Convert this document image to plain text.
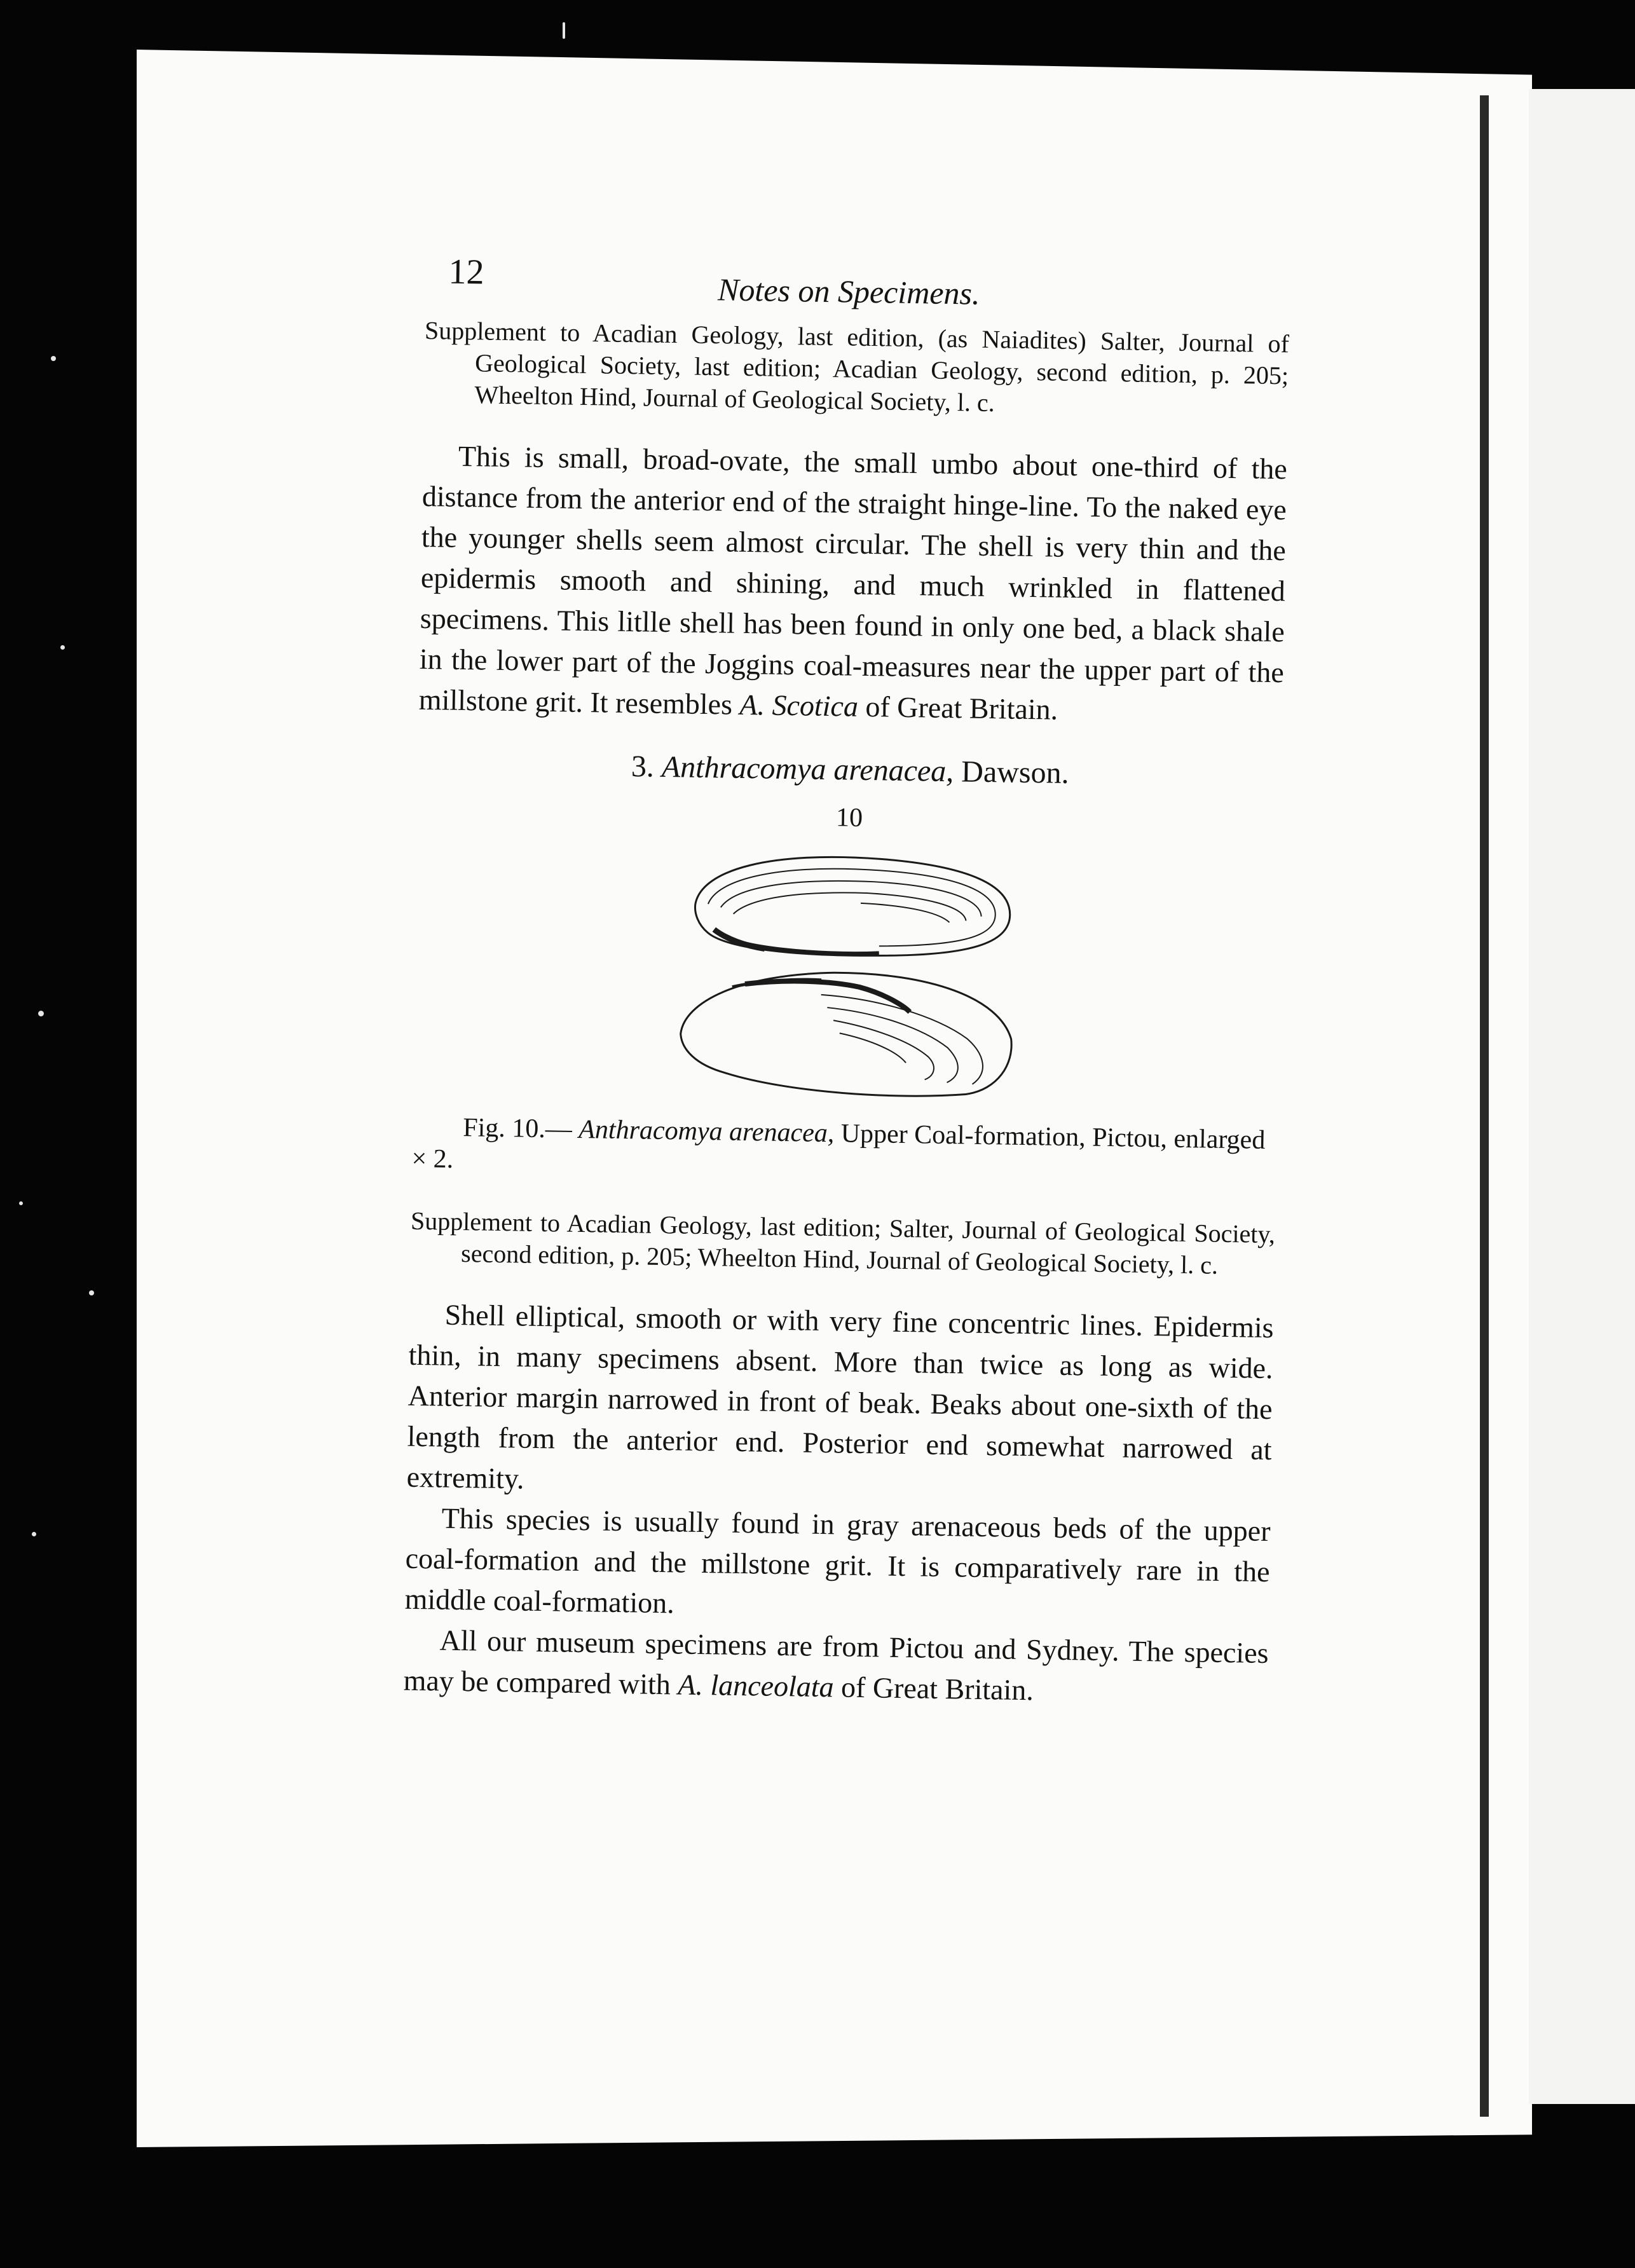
12	Notes on Specimens.

Supplement to Acadian Geology, last edition, (as Naiadites) Salter, Journal of Geological Society, last edition; Acadian Geology, second edition, p. 205; Wheelton Hind, Journal of Geological Society, l. c.

This is small, broad-ovate, the small umbo about one-third of the distance from the anterior end of the straight hinge-line. To the naked eye the younger shells seem almost circular. The shell is very thin and the epidermis smooth and shining, and much wrinkled in flattened specimens. This litlle shell has been found in only one bed, a black shale in the lower part of the Joggins coal-measures near the upper part of the millstone grit. It resembles A. Scotica of Great Britain.

3. Anthracomya arenacea, Dawson.

10

Fig. 10.— Anthracomya arenacea, Upper Coal-formation, Pictou, enlarged × 2.

Supplement to Acadian Geology, last edition; Salter, Journal of Geological Society, second edition, p. 205; Wheelton Hind, Journal of Geological Society, l. c.

Shell elliptical, smooth or with very fine concentric lines. Epidermis thin, in many specimens absent. More than twice as long as wide. Anterior margin narrowed in front of beak. Beaks about one-sixth of the length from the anterior end. Posterior end somewhat narrowed at extremity.

This species is usually found in gray arenaceous beds of the upper coal-formation and the millstone grit. It is comparatively rare in the middle coal-formation.

All our museum specimens are from Pictou and Sydney. The species may be compared with A. lanceolata of Great Britain.
